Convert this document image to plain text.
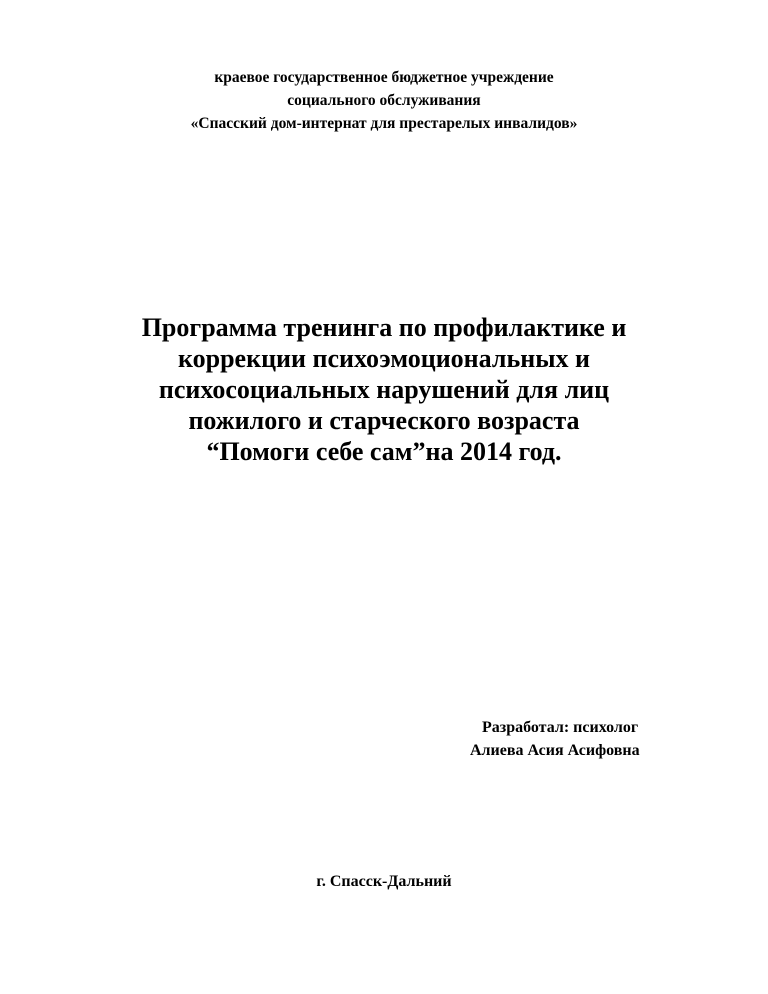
краевое государственное бюджетное учреждение
социального обслуживания
«Спасский дом-интернат для престарелых инвалидов»
Программа тренинга по профилактике и
коррекции психоэмоциональных и
психосоциальных нарушений для лиц
пожилого и старческого возраста
“Помоги себе сам”на 2014 год.
Разработал: психолог
Алиева Асия Асифовна
г. Спасск-Дальний
